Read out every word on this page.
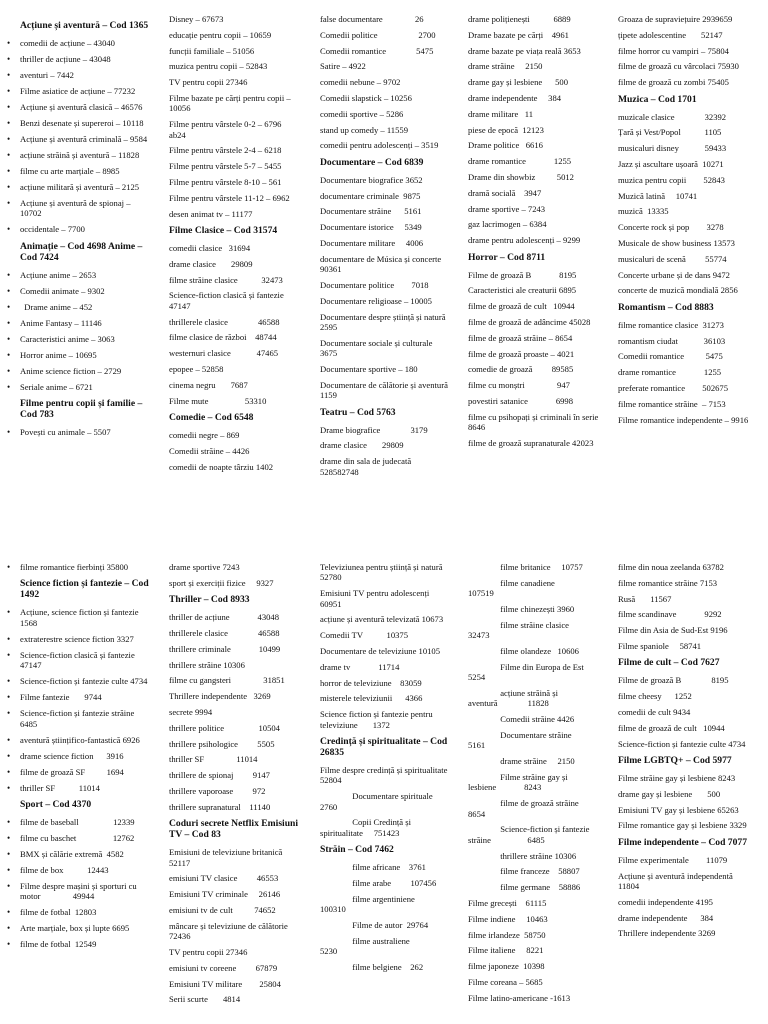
Acțiune și aventură – Cod 1365
• comedii de acțiune – 43040
• thriller de acțiune – 43048
• aventuri – 7442
• Filme asiatice de acțiune – 77232
• Acțiune și aventură clasică – 46576
• Benzi desenate și supereroi – 10118
• Acțiune și aventură criminală – 9584
• acțiune străină și aventură – 11828
• filme cu arte marțiale – 8985
• acțiune militară și aventură – 2125
• Acțiune și aventură de spionaj – 10702
• occidentale – 7700
Animație – Cod 4698 Anime – Cod 7424
• Acțiune anime – 2653
• Comedii animate – 9302
•   Drame anime – 452
• Anime Fantasy – 11146
• Caracteristici anime – 3063
• Horror anime – 10695
• Anime science fiction – 2729
• Seriale anime – 6721
Filme pentru copii și familie – Cod 783
• Povești cu animale – 5507
Disney – 67673
educație pentru copii – 10659
funcții familiale – 51056
muzica pentru copii – 52843
TV pentru copii 27346
Filme bazate pe cărți pentru copii – 10056
Filme pentru vârstele 0-2 – 6796 ab24
Filme pentru vârstele 2-4 – 6218
Filme pentru vârstele 5-7 – 5455
Filme pentru vârstele 8-10 – 561
Filme pentru vârstele 11-12 – 6962
desen animat tv – 11177
Filme Clasice – Cod 31574
comedii clasice   31694
drame clasice       29809
filme străine clasice           32473
Science-fiction clasică și fantezie                47147
thrillerele clasice              46588
filme clasice de război    48744
westernuri clasice            47465
epopee – 52858
cinema negru       7687
Filme mute                 53310
Comedie – Cod 6548
comedii negre – 869
Comedii străine – 4426
comedii de noapte târziu 1402
false documentare               26
Comedii politice                   2700
Comedii romantice              5475
Satire – 4922
comedii nebune – 9702
Comedii slapstick – 10256
comedii sportive – 5286
stand up comedy – 11559
comedii pentru adolescenți – 3519
Documentare – Cod 6839
Documentare biografice 3652
documentare criminale  9875
Documentare străine      5161
Documentare istorice     5349
Documentare militare     4006
documentare de Música și concerte          90361
Documentare politice        7018
Documentare religioase – 10005
Documentare despre știință și natură    2595
Documentare sociale și culturale                 3675
Documentare sportive – 180
Documentare de călătorie și aventură    1159
Teatru – Cod 5763
Drame biografice              3179
drame clasice       29809
drame din sala de judecată 528582748
drame polițienești           6889
Drame bazate pe cărți    4961
drame bazate pe viața reală 3653
drame străine     2150
drame gay și lesbiene      500
drame independente     384
drame militare   11
piese de epocă  12123
Drame politice   6616
drame romantice             1255
Drame din showbiz          5012
dramă socială    3947
drame sportive – 7243
gaz lacrimogen – 6384
drame pentru adolescenți – 9299
Horror – Cod 8711
Filme de groază B             8195
Caracteristici ale creaturii 6895
filme de groază de cult   10944
filme de groază de adâncime 45028
filme de groază străine – 8654
filme de groază proaste – 4021
comedie de groază         89585
filme cu monștri               947
povestiri satanice             6998
filme cu psihopați și criminali în serie         8646
filme de groază supranaturale 42023
Groaza de supraviețuire 2939659
țipete adolescentine       52147
filme horror cu vampiri – 75804
filme de groază cu vârcolaci 75930
filme de groază cu zombi 75405
Muzica – Cod 1701
muzicale clasice              32392
Țară și Vest/Popol           1105
musicaluri disney            59433
Jazz și ascultare ușoară  10271
muzica pentru copii        52843
Muzică latină     10741
muzică  13335
Concerte rock și pop        3278
Musicale de show business 13573
musicaluri de scenă         55774
Concerte urbane și de dans 9472
concerte de muzică mondială 2856
Romantism – Cod 8883
filme romantice clasice  31273
romantism ciudat            36103
Comedii romantice          5475
drame romantice             1255
preferate romantice        502675
filme romantice străine  – 7153
Filme romantice independente – 9916
• filme romantice fierbinți 35800
Science fiction și fantezie – Cod 1492
• Acțiune, science fiction și fantezie           1568
• extraterestre science fiction 3327
• Science-fiction clasică și fantezie             47147
• Science-fiction și fantezie culte 4734
• Filme fantezie       9744
• Science-fiction și fantezie străine                  6485
• aventură științifico-fantastică 6926
• drame science fiction      3916
• filme de groază SF          1694
• thriller SF           11014
Sport – Cod 4370
• filme de baseball                12339
• filme cu baschet                 12762
• BMX și călărie extremă  4582
• filme de box           12443
• Filme despre mașini și sporturi cu motor               49944
• filme de fotbal  12803
• Arte marțiale, box și lupte 6695
• filme de fotbal  12549
drame sportive 7243
sport și exerciții fizice     9327
Thriller – Cod 8933
thriller de acțiune             43048
thrillerele clasice              46588
thrillere criminale             10499
thrillere străine 10306
filme cu gangsteri               31851
Thrillere independente   3269
secrete 9994
thrillere politice                10504
thrillere psihologice         5505
thriller SF               11014
thrillere de spionaj         9147
thrillere vaporoase         972
thrillere supranatural    11140
Coduri secrete Netflix Emisiuni TV – Cod 83
Emisiuni de televiziune britanică               52117
emisiuni TV clasice         46553
Emisiuni TV criminale     26146
emisiuni tv de cult          74652
mâncare și televiziune de călătorie               72436
TV pentru copii 27346
emisiuni tv coreene         67879
Emisiuni TV militare        25804
Serii scurte       4814
Televiziunea pentru știință și natură          52780
Emisiuni TV pentru adolescenți 60951
acțiune și aventură televizată 10673
Comedii TV           10375
Documentare de televiziune 10105
drame tv             11714
horror de televiziune    83059
misterele televiziunii      4366
Science fiction și fantezie pentru televiziune       1372
Credință și spiritualitate – Cod 26835
Filme despre credință și spiritualitate         52804
Documentare spirituale
2760
Copii Credință și
spiritualitate     751423
Străin – Cod 7462
filme africane    3761
filme arabe         107456
filme argentiniene
100310
Filme de autor  29764
filme australiene
5230
filme belgiene    262
filme britanice     10757
filme canadiene
107519
filme chinezești 3960
filme străine clasice
32473
filme olandeze   10606
Filme din Europa de Est
5254
acțiune străină și
aventură              11828
Comedii străine 4426
Documentare străine
5161
drame străine     2150
Filme străine gay și
lesbiene             8243
filme de groază străine
8654
Science-fiction și fantezie
străine                 6485
thrillere străine 10306
filme franceze    58807
filme germane    58886
Filme grecești    61115
Filme indiene     10463
filme irlandeze  58750
Filme italiene     8221
filme japoneze  10398
Filme coreana – 5685
Filme latino-americane -1613
filme din noua zeelanda 63782
filme romantice străine 7153
Rusă       11567
filme scandinave             9292
Filme din Asia de Sud-Est 9196
Filme spaniole     58741
Filme de cult – Cod 7627
Filme de groază B              8195
filme cheesy      1252
comedii de cult 9434
filme de groază de cult   10944
Science-fiction și fantezie culte 4734
Filme LGBTQ+ – Cod 5977
Filme străine gay și lesbiene 8243
drame gay și lesbiene       500
Emisiuni TV gay și lesbiene 65263
Filme romantice gay și lesbiene 3329
Filme independente – Cod 7077
Filme experimentale        11079
Acțiune și aventură independentă           11804
comedii independente 4195
drame independente      384
Thrillere independente 3269
